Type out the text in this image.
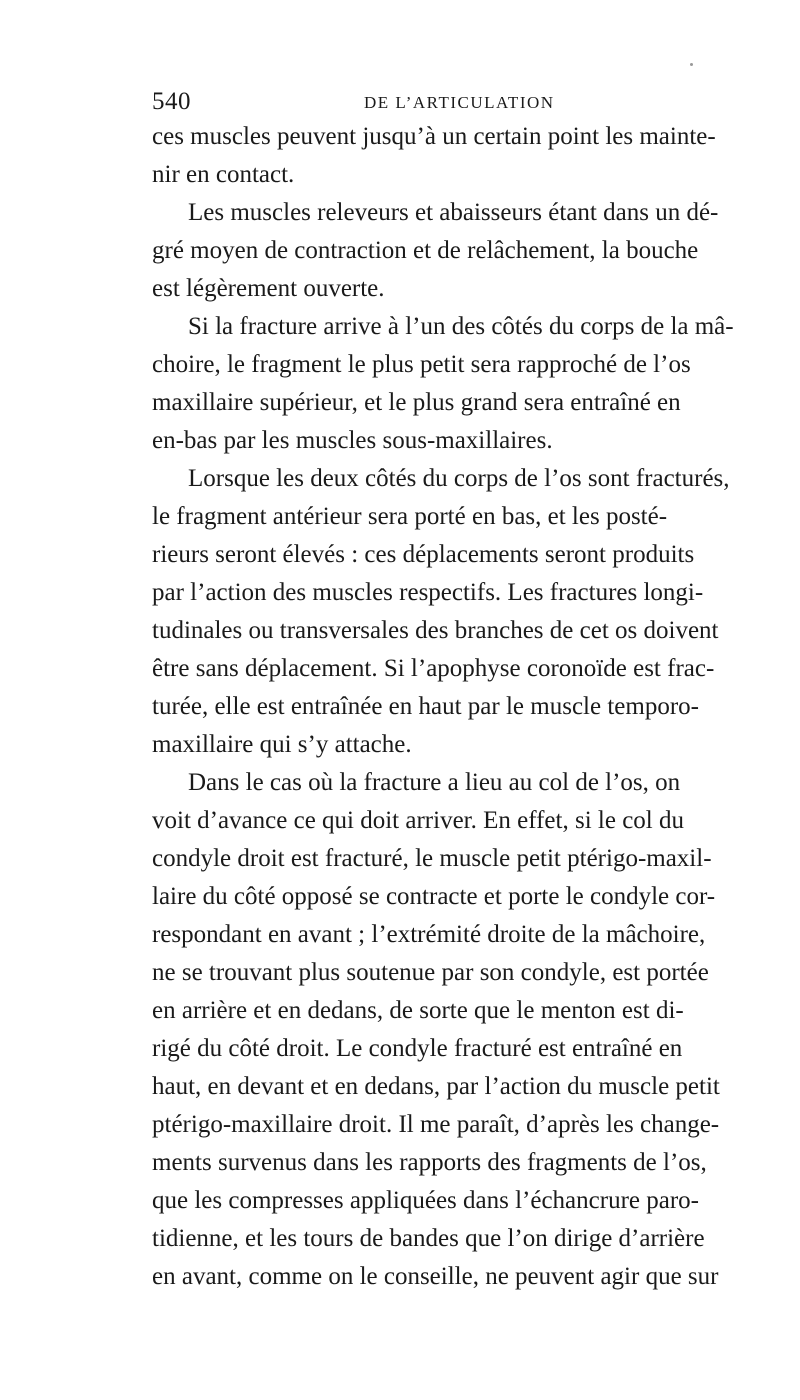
540	DE L’ARTICULATION
ces muscles peuvent jusqu’à un certain point les mainte-
nir en contact.
Les muscles releveurs et abaisseurs étant dans un dé-
gré moyen de contraction et de relâchement, la bouche
est légèrement ouverte.
Si la fracture arrive à l’un des côtés du corps de la mâ-
choire, le fragment le plus petit sera rapproché de l’os
maxillaire supérieur, et le plus grand sera entraîné en
en-bas par les muscles sous-maxillaires.
Lorsque les deux côtés du corps de l’os sont fracturés,
le fragment antérieur sera porté en bas, et les posté-
rieurs seront élevés : ces déplacements seront produits
par l’action des muscles respectifs. Les fractures longi-
tudinales ou transversales des branches de cet os doivent
être sans déplacement. Si l’apophyse coronoïde est frac-
turée, elle est entraînée en haut par le muscle temporo-
maxillaire qui s’y attache.
Dans le cas où la fracture a lieu au col de l’os, on
voit d’avance ce qui doit arriver. En effet, si le col du
condyle droit est fracturé, le muscle petit ptérigo-maxil-
laire du côté opposé se contracte et porte le condyle cor-
respondant en avant ; l’extrémité droite de la mâchoire,
ne se trouvant plus soutenue par son condyle, est portée
en arrière et en dedans, de sorte que le menton est di-
rigé du côté droit. Le condyle fracturé est entraîné en
haut, en devant et en dedans, par l’action du muscle petit
ptérigo-maxillaire droit. Il me paraît, d’après les change-
ments survenus dans les rapports des fragments de l’os,
que les compresses appliquées dans l’échancrure paro-
tidienne, et les tours de bandes que l’on dirige d’arrière
en avant, comme on le conseille, ne peuvent agir que sur
